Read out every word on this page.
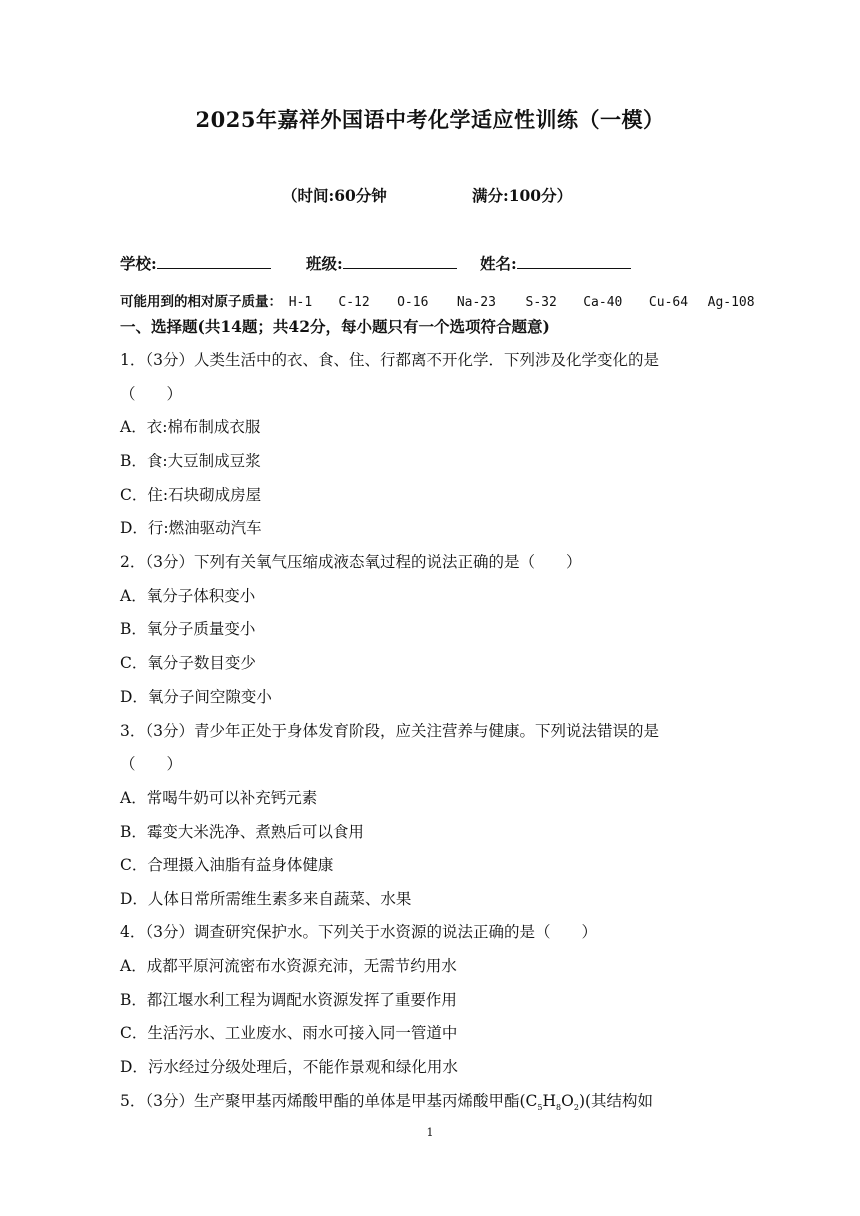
2025年嘉祥外国语中考化学适应性训练（一模）
（时间:60分钟	满分:100分）
学校:	班级:	姓名:
可能用到的相对原子质量： H-1 C-12 O-16 Na-23 S-32 Ca-40 Cu-64 Ag-108
一、选择题(共14题；共42分，每小题只有一个选项符合题意)
1．（3分）人类生活中的衣、食、住、行都离不开化学．下列涉及化学变化的是
（　　）
A．衣:棉布制成衣服
B．食:大豆制成豆浆
C．住:石块砌成房屋
D．行:燃油驱动汽车
2．（3分）下列有关氧气压缩成液态氧过程的说法正确的是（　　）
A．氧分子体积变小
B．氧分子质量变小
C．氧分子数目变少
D．氧分子间空隙变小
3．（3分）青少年正处于身体发育阶段，应关注营养与健康。下列说法错误的是
（　　）
A．常喝牛奶可以补充钙元素
B．霉变大米洗净、煮熟后可以食用
C．合理摄入油脂有益身体健康
D．人体日常所需维生素多来自蔬菜、水果
4．（3分）调查研究保护水。下列关于水资源的说法正确的是（　　）
A．成都平原河流密布水资源充沛，无需节约用水
B．都江堰水利工程为调配水资源发挥了重要作用
C．生活污水、工业废水、雨水可接入同一管道中
D．污水经过分级处理后，不能作景观和绿化用水
5．（3分）生产聚甲基丙烯酸甲酯的单体是甲基丙烯酸甲酯$(C_5H_8O_2)$(其结构如
1
